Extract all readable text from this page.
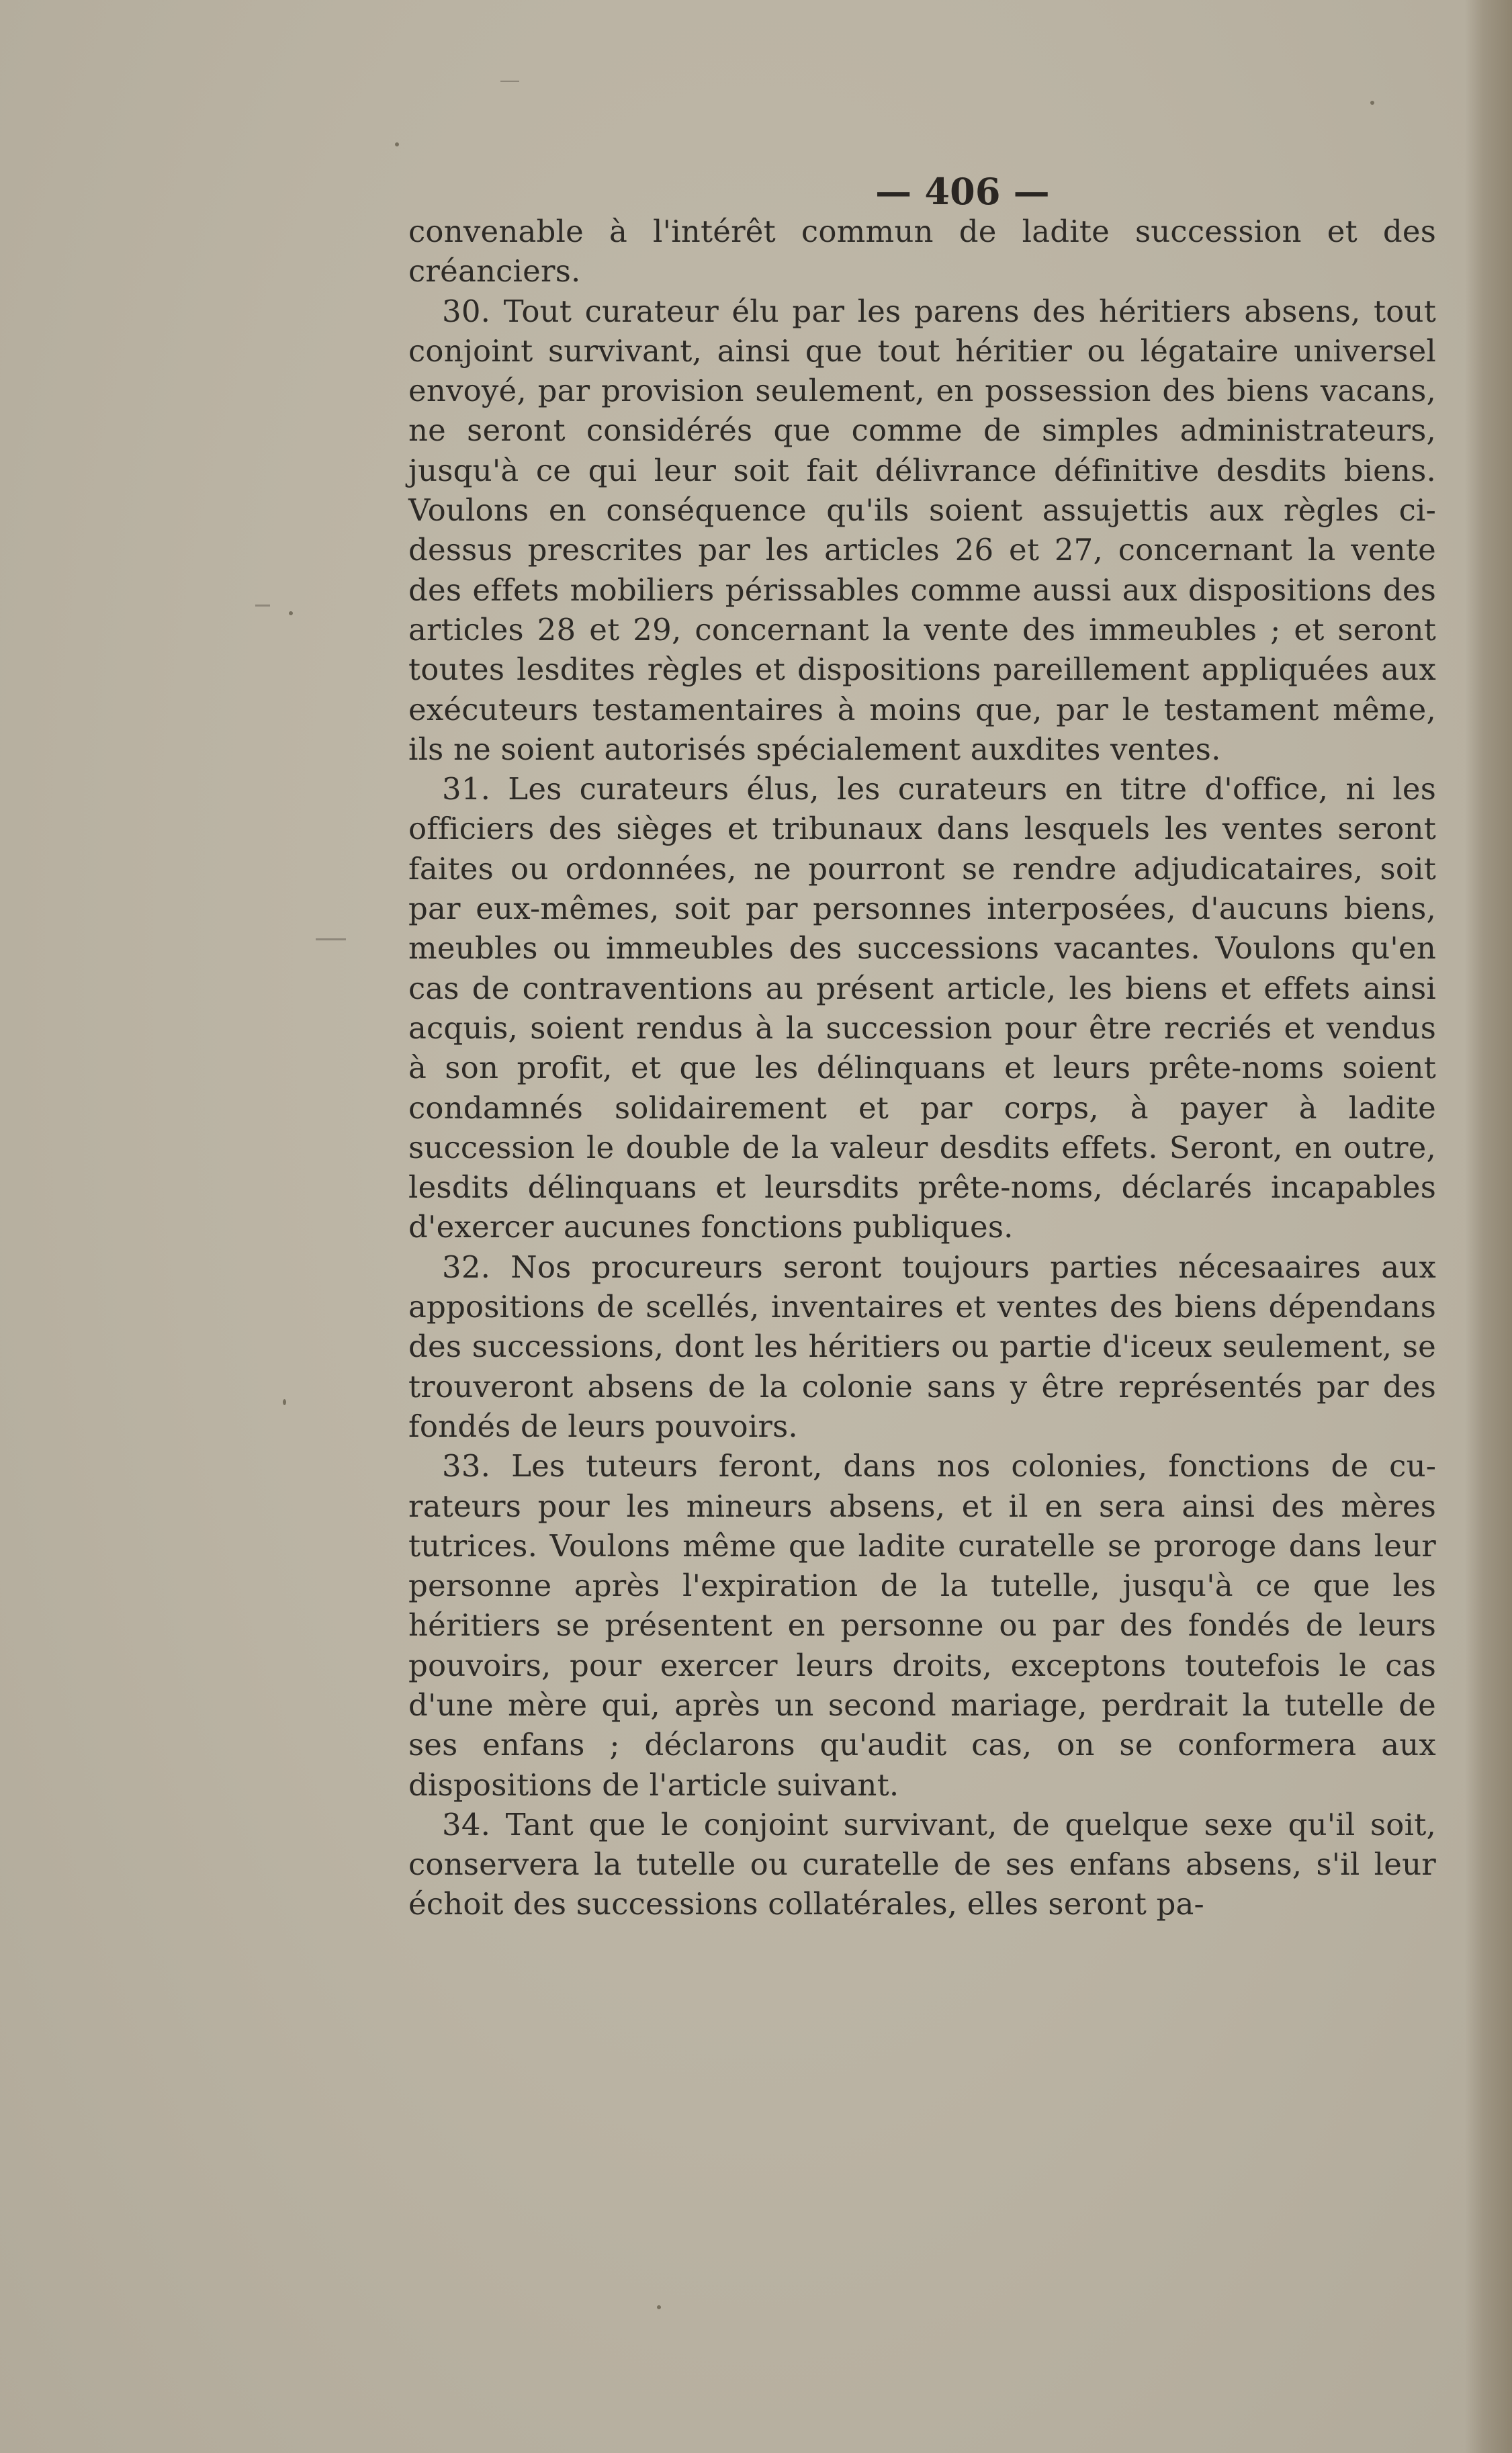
— 406 —

convenable à l'intérêt commun de ladite succession et des créanciers.

30. Tout curateur élu par les parens des héritiers absens, tout conjoint survivant, ainsi que tout héritier ou légataire universel envoyé, par provision seulement, en possession des biens vacans, ne seront considérés que comme de simples administrateurs, jusqu'à ce qui leur soit fait délivrance définitive desdits biens. Voulons en conséquence qu'ils soient assujettis aux règles ci-dessus prescrites par les articles 26 et 27, concernant la vente des effets mobiliers périssables comme aussi aux dispositions des articles 28 et 29, concernant la vente des immeubles ; et seront toutes lesdites règles et dispositions pareillement appliquées aux exécuteurs testamentaires à moins que, par le testament même, ils ne soient autorisés spécialement auxdites ventes.

31. Les curateurs élus, les curateurs en titre d'office, ni les officiers des sièges et tribunaux dans lesquels les ventes seront faites ou ordonnées, ne pourront se rendre adjudicataires, soit par eux-mêmes, soit par personnes interposées, d'aucuns biens, meubles ou immeubles des successions vacantes. Voulons qu'en cas de contraventions au présent article, les biens et effets ainsi acquis, soient rendus à la succession pour être recriés et vendus à son profit, et que les délinquans et leurs prête-noms soient condamnés solidairement et par corps, à payer à ladite succession le double de la valeur desdits effets. Seront, en outre, lesdits délinquans et leursdits prête-noms, déclarés incapables d'exercer aucunes fonctions publiques.

32. Nos procureurs seront toujours parties nécesaaires aux appositions de scellés, inventaires et ventes des biens dépendans des successions, dont les héritiers ou partie d'iceux seulement, se trouveront absens de la colonie sans y être représentés par des fondés de leurs pouvoirs.

33. Les tuteurs feront, dans nos colonies, fonctions de curateurs pour les mineurs absens, et il en sera ainsi des mères tutrices. Voulons même que ladite curatelle se proroge dans leur personne après l'expiration de la tutelle, jusqu'à ce que les héritiers se présentent en personne ou par des fondés de leurs pouvoirs, pour exercer leurs droits, exceptons toutefois le cas d'une mère qui, après un second mariage, perdrait la tutelle de ses enfans ; déclarons qu'audit cas, on se conformera aux dispositions de l'article suivant.

34. Tant que le conjoint survivant, de quelque sexe qu'il soit, conservera la tutelle ou curatelle de ses enfans absens, s'il leur échoit des successions collatérales, elles seront pa-
